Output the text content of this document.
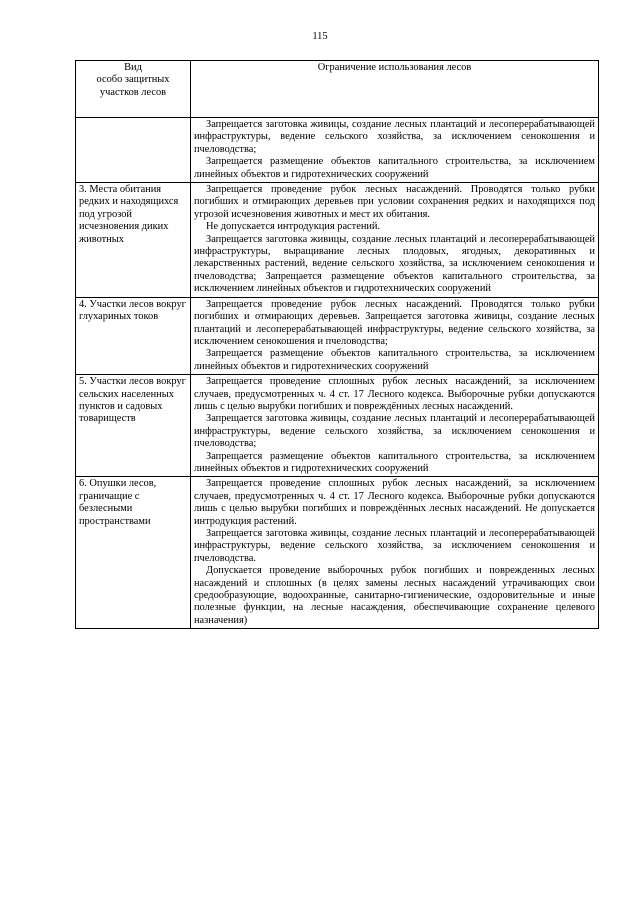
115
Вид
особо защитных
участков лесов	Ограничение использования лесов

	Запрещается заготовка живицы, создание лесных плантаций и лесоперерабатывающей инфраструктуры, ведение сельского хозяйства, за исключением сенокошения и пчеловодства;

Запрещается размещение объектов капитального строительства, за исключением линейных объектов и гидротехнических сооружений

3. Места обитания редких и находящихся под угрозой исчезновения диких животных	Запрещается проведение рубок лесных насаждений. Проводятся только рубки погибших и отмирающих деревьев при условии сохранения редких и находящихся под угрозой исчезновения животных и мест их обитания.

Не допускается интродукция растений.

Запрещается заготовка живицы, создание лесных плантаций и лесоперерабатывающей инфраструктуры, выращивание лесных плодовых, ягодных, декоративных и лекарственных растений, ведение сельского хозяйства, за исключением сенокошения и пчеловодства; Запрещается размещение объектов капитального строительства, за исключением линейных объектов и гидротехнических сооружений

4. Участки лесов вокруг глухариных токов	Запрещается проведение рубок лесных насаждений. Проводятся только рубки погибших и отмирающих деревьев. Запрещается заготовка живицы, создание лесных плантаций и лесоперерабатывающей инфраструктуры, ведение сельского хозяйства, за исключением сенокошения и пчеловодства;

Запрещается размещение объектов капитального строительства, за исключением линейных объектов и гидротехнических сооружений

5. Участки лесов вокруг сельских населенных пунктов и садовых товариществ	Запрещается проведение сплошных рубок лесных насаждений, за исключением случаев, предусмотренных ч. 4 ст. 17 Лесного кодекса. Выборочные рубки допускаются лишь с целью вырубки погибших и повреждённых лесных насаждений.

Запрещается заготовка живицы, создание лесных плантаций и лесоперерабатывающей инфраструктуры, ведение сельского хозяйства, за исключением сенокошения и пчеловодства;

Запрещается размещение объектов капитального строительства, за исключением линейных объектов и гидротехнических сооружений

6. Опушки лесов, граничащие с безлесными пространствами	Запрещается проведение сплошных рубок лесных насаждений, за исключением случаев, предусмотренных ч. 4 ст. 17 Лесного кодекса. Выборочные рубки допускаются лишь с целью вырубки погибших и повреждённых лесных насаждений. Не допускается интродукция растений.

Запрещается заготовка живицы, создание лесных плантаций и лесоперерабатывающей инфраструктуры, ведение сельского хозяйства, за исключением сенокошения и пчеловодства.

Допускается проведение выборочных рубок погибших и поврежденных лесных насаждений и сплошных (в целях замены лесных насаждений утрачивающих свои средообразующие, водоохранные, санитарно-гигиенические, оздоровительные и иные полезные функции, на лесные насаждения, обеспечивающие сохранение целевого назначения)
